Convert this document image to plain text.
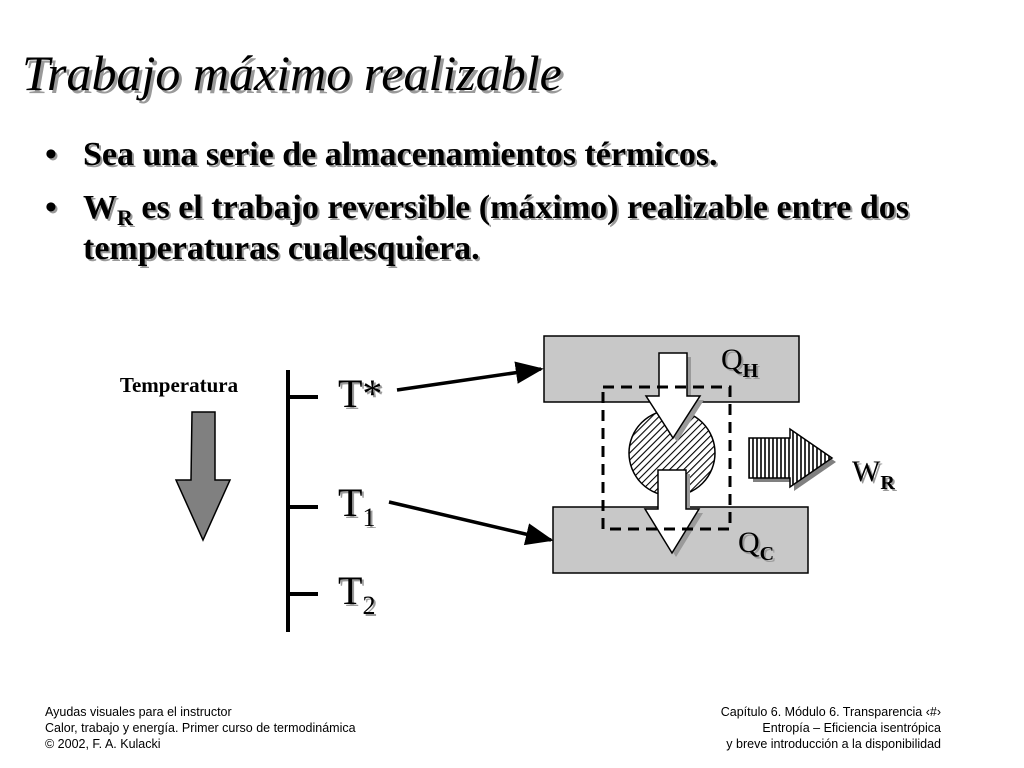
Trabajo máximo realizable
• Sea una serie de almacenamientos térmicos.
• $W_R$ es el trabajo reversible (máximo) realizable entre dos temperaturas cualesquiera.
Temperatura T*
$T_1$
$T_2$
$Q_H$
$Q_C$
$W_R$
Ayudas visuales para el instructor
Calor, trabajo y energía. Primer curso de termodinámica
© 2002, F. A. Kulacki
Capítulo 6. Módulo 6. Transparencia ‹#›
Entropía – Eficiencia isentrópica
y breve introducción a la disponibilidad
